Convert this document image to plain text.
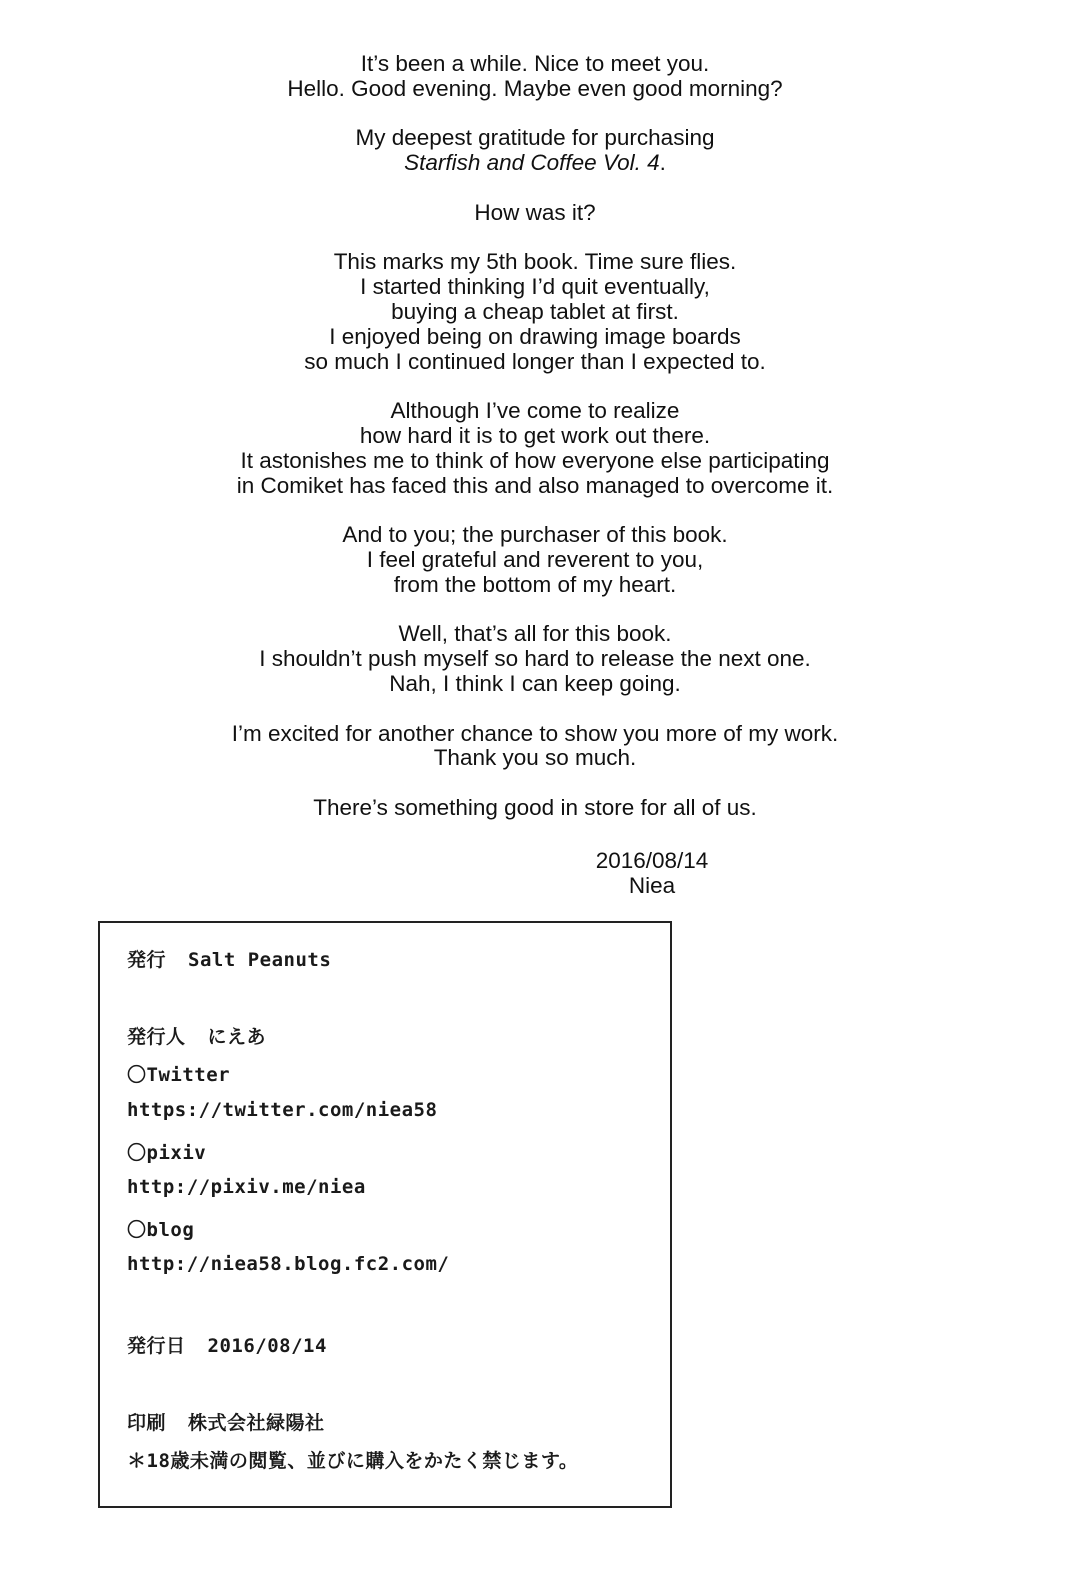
It’s been a while. Nice to meet you.
Hello. Good evening. Maybe even good morning?

My deepest gratitude for purchasing
Starfish and Coffee Vol. 4.

How was it?

This marks my 5th book. Time sure flies.
I started thinking I’d quit eventually,
buying a cheap tablet at first.
I enjoyed being on drawing image boards
so much I continued longer than I expected to.

Although I’ve come to realize
how hard it is to get work out there.
It astonishes me to think of how everyone else participating
in Comiket has faced this and also managed to overcome it.

And to you; the purchaser of this book.
I feel grateful and reverent to you,
from the bottom of my heart.

Well, that’s all for this book.
I shouldn’t push myself so hard to release the next one.
Nah, I think I can keep going.

I’m excited for another chance to show you more of my work.
Thank you so much.

There’s something good in store for all of us.

2016/08/14
Niea
発行 Salt Peanuts
発行人 にえあ
〇Twitter
https://twitter.com/niea58
〇pixiv
http://pixiv.me/niea
〇blog
http://niea58.blog.fc2.com/
発行日 2016/08/14
印刷 株式会社緑陽社
＊18歳未満の閲覧、並びに購入をかたく禁じます。
